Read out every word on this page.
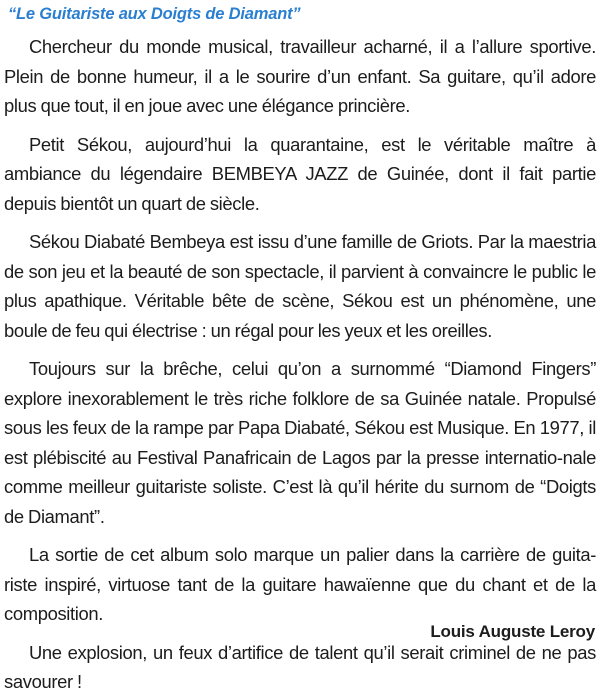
“Le Guitariste aux Doigts de Diamant”

Chercheur du monde musical, travailleur acharné, il a l’allure sportive. Plein de bonne humeur, il a le sourire d’un enfant. Sa guitare, qu’il adore plus que tout, il en joue avec une élégance princière.

Petit Sékou, aujourd’hui la quarantaine, est le véritable maître à ambiance du légendaire BEMBEYA JAZZ de Guinée, dont il fait partie depuis bientôt un quart de siècle.

Sékou Diabaté Bembeya est issu d’une famille de Griots. Par la maestria de son jeu et la beauté de son spectacle, il parvient à convaincre le public le plus apathique. Véritable bête de scène, Sékou est un phénomène, une boule de feu qui électrise : un régal pour les yeux et les oreilles.

Toujours sur la brêche, celui qu’on a surnommé “Diamond Fingers” explore inexorablement le très riche folklore de sa Guinée natale. Propulsé sous les feux de la rampe par Papa Diabaté, Sékou est Musique. En 1977, il est plébiscité au Festival Panafricain de Lagos par la presse internatio-nale comme meilleur guitariste soliste. C’est là qu’il hérite du surnom de “Doigts de Diamant”.

La sortie de cet album solo marque un palier dans la carrière de guita-riste inspiré, virtuose tant de la guitare hawaïenne que du chant et de la composition.

Une explosion, un feux d’artifice de talent qu’il serait criminel de ne pas savourer !

Louis Auguste Leroy
